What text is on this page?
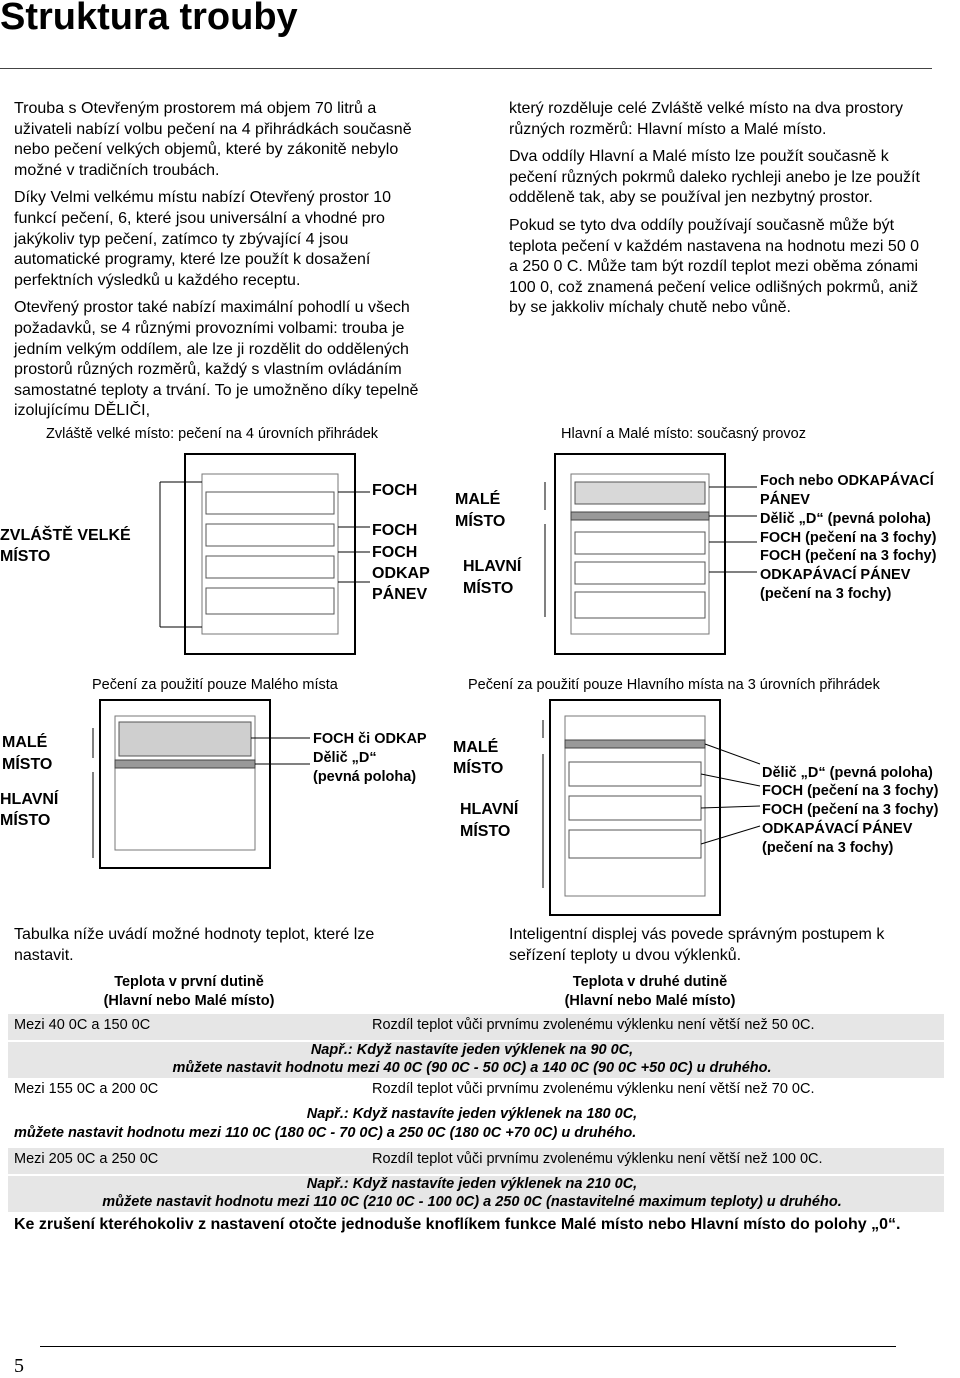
Struktura trouby

Trouba s Otevřeným prostorem má objem 70 litrů a uživateli nabízí volbu pečení na 4 přihrádkách současně nebo pečení velkých objemů, které by zákonitě nebylo možné v tradičních troubách.

Díky Velmi velkému místu nabízí Otevřený prostor 10 funkcí pečení, 6, které jsou universální a vhodné pro jakýkoliv typ pečení, zatímco ty zbývající 4 jsou automatické programy, které lze použít k dosažení perfektních výsledků u každého receptu.

Otevřený prostor také nabízí maximální pohodlí u všech požadavků, se 4 různými provozními volbami: trouba je jedním velkým oddílem, ale lze ji rozdělit do oddělených prostorů různých rozměrů, každý s vlastním ovládáním samostatné teploty a trvání. To je umožněno díky tepelně izolujícímu DĚLIČI,

který rozděluje celé Zvláště velké místo na dva prostory různých rozměrů: Hlavní místo a Malé místo.

Dva oddíly Hlavní a Malé místo lze použít současně k pečení různých pokrmů daleko rychleji anebo je lze použít odděleně tak, aby se používal jen nezbytný prostor.

Pokud se tyto dva oddíly používají současně může být teplota pečení v každém nastavena na hodnotu mezi 50 0 a 250 0 C. Může tam být rozdíl teplot mezi oběma zónami 100 0, což znamená pečení velice odlišných pokrmů, aniž by se jakkoliv míchaly chutě nebo vůně.

Zvláště velké místo: pečení na 4 úrovních přihrádek
ZVLÁŠTĚ VELKÉ
MÍSTO
FOCH
FOCH
FOCH
ODKAP
PÁNEV
Hlavní a Malé místo: současný provoz
MALÉ
MÍSTO
HLAVNÍ
MÍSTO
Foch nebo ODKAPÁVACÍ
PÁNEV
Dělič „D“ (pevná poloha)
FOCH (pečení na 3 fochy)
FOCH (pečení na 3 fochy)
ODKAPÁVACÍ PÁNEV
(pečení na 3 fochy)
Pečení za použití pouze Malého místa
MALÉ
MÍSTO
HLAVNÍ
MÍSTO
FOCH či ODKAP
Dělič „D“
(pevná poloha)
Pečení za použití pouze Hlavního místa na 3 úrovních přihrádek
MALÉ
MÍSTO
HLAVNÍ
MÍSTO
Dělič „D“ (pevná poloha)
FOCH (pečení na 3 fochy)
FOCH (pečení na 3 fochy)
ODKAPÁVACÍ PÁNEV
(pečení na 3 fochy)
Tabulka níže uvádí možné hodnoty teplot, které lze nastavit.
Inteligentní displej vás povede správným postupem k seřízení teploty u dvou výklenků.
Teplota v první dutině
(Hlavní nebo Malé místo)
Teplota v druhé dutině
(Hlavní nebo Malé místo)
Mezi 40 0C a 150 0C	Rozdíl teplot vůči prvnímu zvolenému výklenku není větší než 50 0C.
Např.: Když nastavíte jeden výklenek na 90 0C,
můžete nastavit hodnotu mezi 40 0C (90 0C - 50 0C) a 140 0C (90 0C +50 0C) u druhého.
Mezi 155 0C a 200 0C	Rozdíl teplot vůči prvnímu zvolenému výklenku není větší než 70 0C.
Např.: Když nastavíte jeden výklenek na 180 0C,
můžete nastavit hodnotu mezi 110 0C (180 0C - 70 0C) a 250 0C (180 0C +70 0C) u druhého.
Mezi 205 0C a 250 0C	Rozdíl teplot vůči prvnímu zvolenému výklenku není větší než 100 0C.
Např.: Když nastavíte jeden výklenek na 210 0C,
můžete nastavit hodnotu mezi 110 0C (210 0C - 100 0C) a 250 0C (nastavitelné maximum teploty) u druhého.
Ke zrušení kteréhokoliv z nastavení otočte jednoduše knoflíkem funkce Malé místo nebo Hlavní místo do polohy „0“.
5
